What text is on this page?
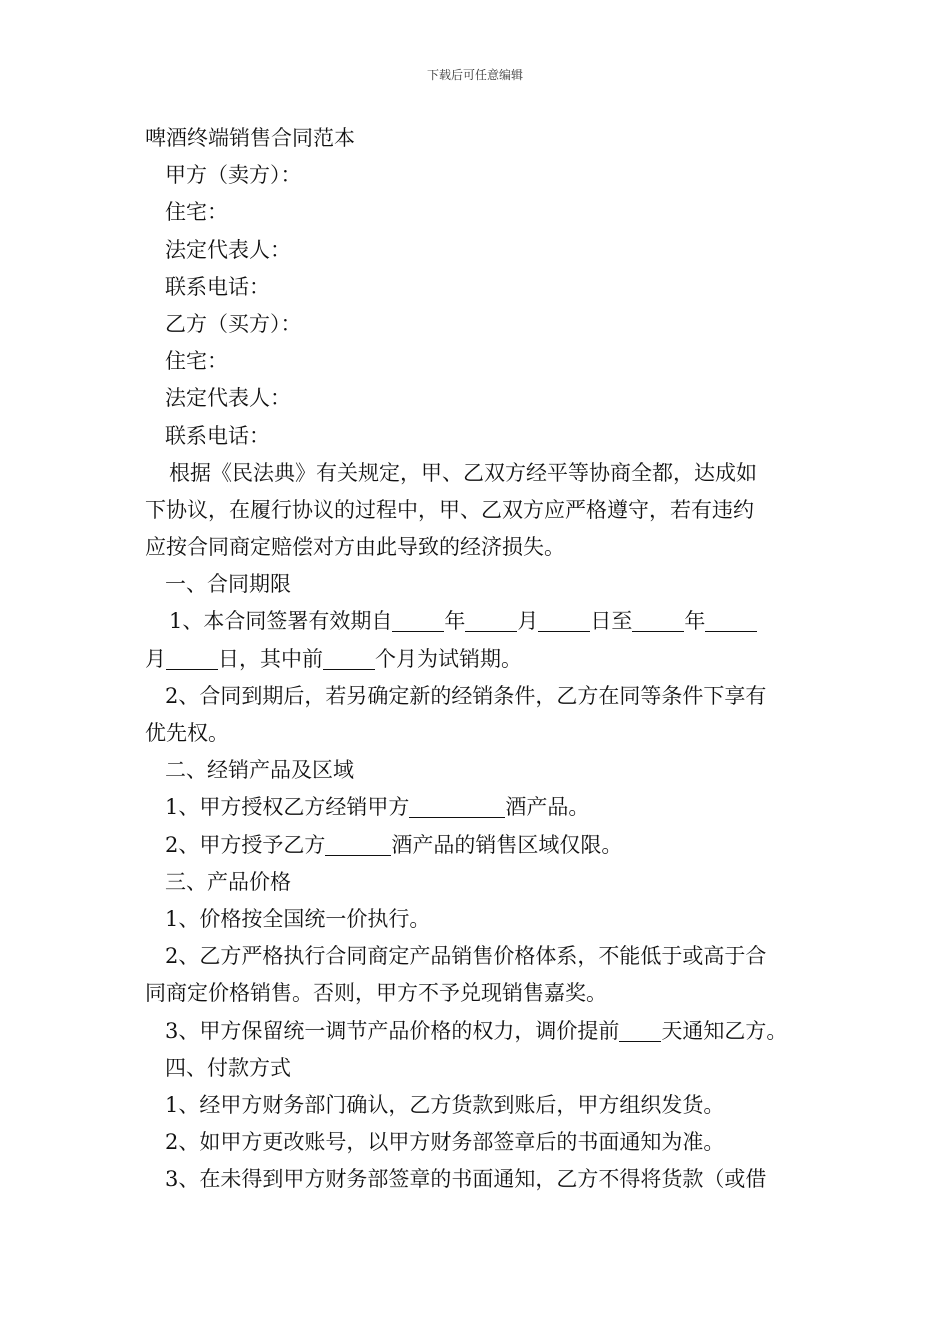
下载后可任意编辑
啤酒终端销售合同范本
甲方（卖方）：
住宅：
法定代表人：
联系电话：
乙方（买方）：
住宅：
法定代表人：
联系电话：
根据《民法典》有关规定，甲、乙双方经平等协商全都，达成如
下协议，在履行协议的过程中，甲、乙双方应严格遵守，若有违约
应按合同商定赔偿对方由此导致的经济损失。
一、合同期限
1、本合同签署有效期自 年 月 日至 年
月 日，其中前 个月为试销期。
2、合同到期后，若另确定新的经销条件，乙方在同等条件下享有
优先权。
二、经销产品及区域
1、甲方授权乙方经销甲方	酒产品。
2、甲方授予乙方	酒产品的销售区域仅限。
三、产品价格
1、价格按全国统一价执行。
2、乙方严格执行合同商定产品销售价格体系，不能低于或高于合
同商定价格销售。否则，甲方不予兑现销售嘉奖。
3、甲方保留统一调节产品价格的权力，调价提前 天通知乙方。
四、付款方式
1、经甲方财务部门确认，乙方货款到账后，甲方组织发货。
2、如甲方更改账号，以甲方财务部签章后的书面通知为准。
3、在未得到甲方财务部签章的书面通知，乙方不得将货款（或借
